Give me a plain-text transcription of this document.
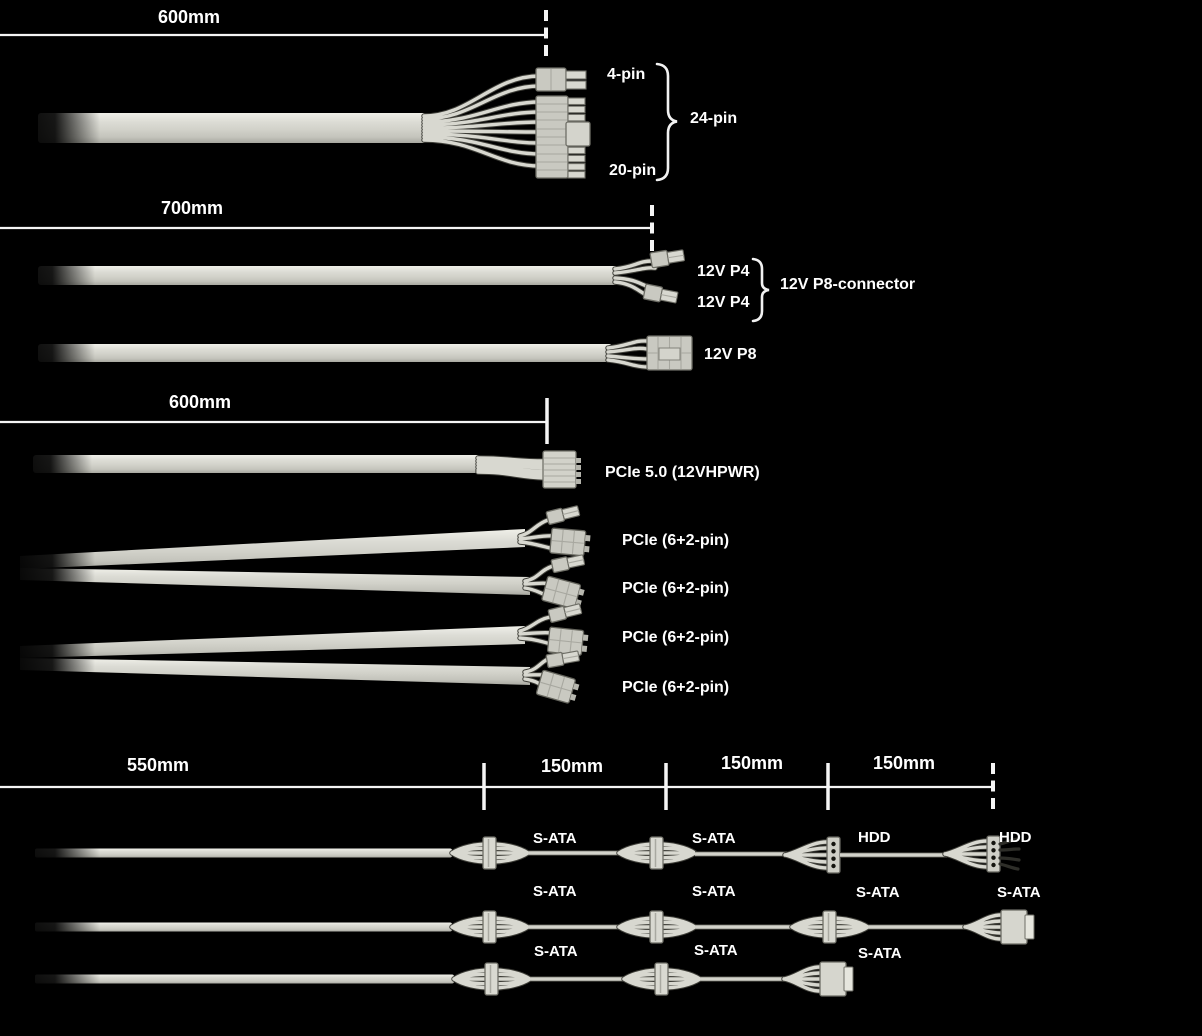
600mm
700mm
600mm
550mm	150mm	150mm	150mm
4-pin
20-pin
24-pin
12V P4
12V P4
12V P8-connector
12V P8
PCIe 5.0 (12VHPWR)
PCIe (6+2-pin)
PCIe (6+2-pin)
PCIe (6+2-pin)
PCIe (6+2-pin)
S-ATA	S-ATA	HDD	HDD
S-ATA	S-ATA	S-ATA	S-ATA
S-ATA	S-ATA	S-ATA
